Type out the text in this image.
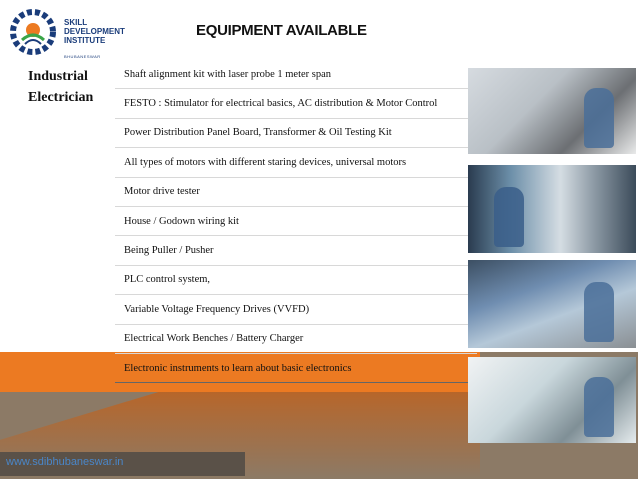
SKILL
DEVELOPMENT
INSTITUTE
BHUBANESWAR
EQUIPMENT AVAILABLE
Industrial Electrician
Shaft alignment kit with laser probe 1 meter span
FESTO : Stimulator for electrical basics, AC distribution & Motor Control
Power Distribution Panel Board, Transformer & Oil Testing Kit
All types of motors with different staring devices, universal motors
Motor drive tester
House / Godown wiring kit
Being Puller / Pusher
PLC control system,
Variable Voltage Frequency Drives (VVFD)
Electrical Work Benches / Battery Charger
Electronic instruments to learn about basic electronics
www.sdibhubaneswar.in
